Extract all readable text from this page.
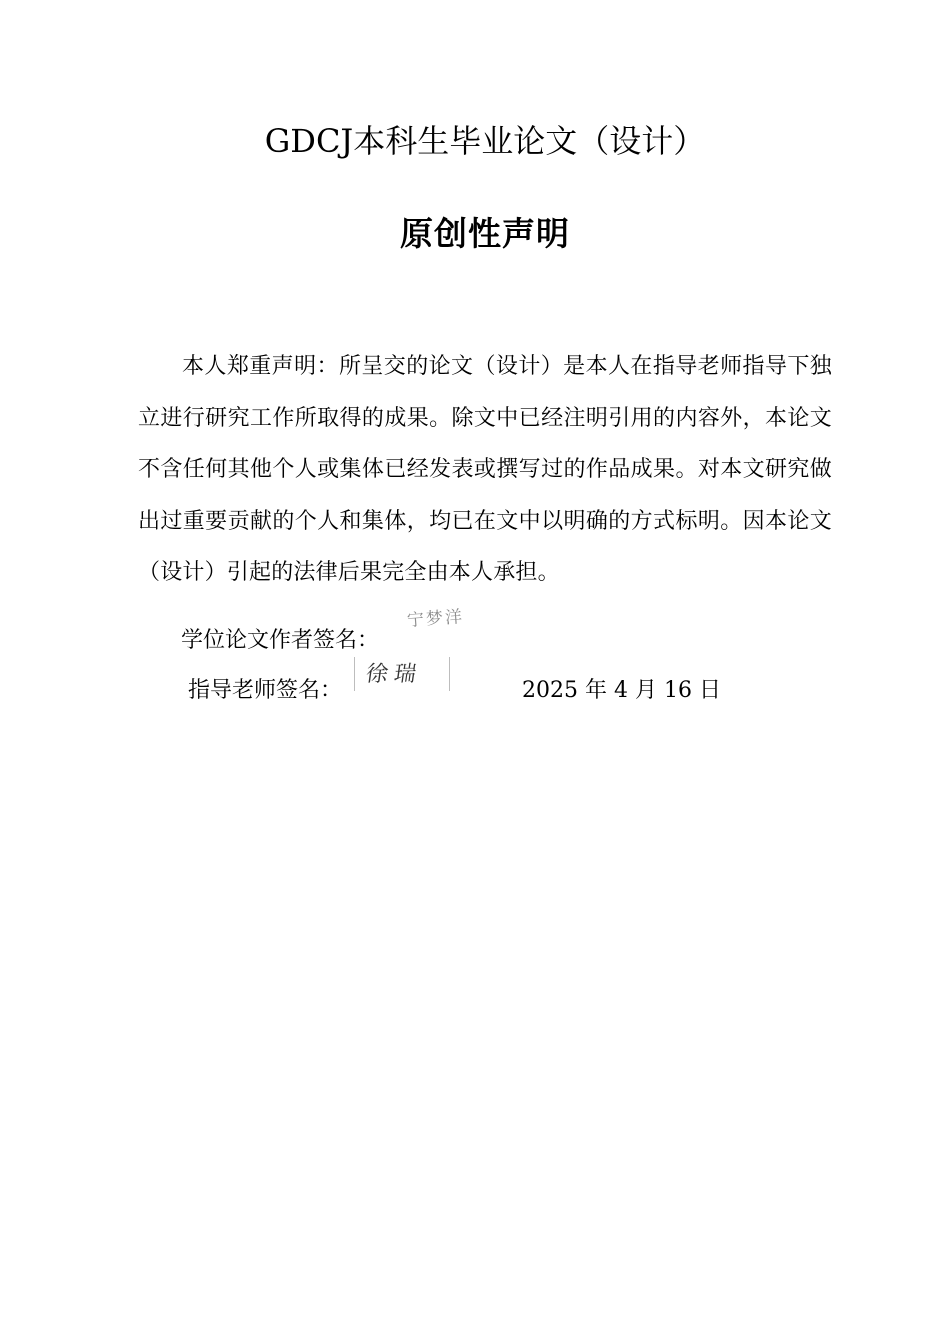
GDCJ本科生毕业论文（设计）
原创性声明

本人郑重声明：所呈交的论文（设计）是本人在指导老师指导下独立进行研究工作所取得的成果。除文中已经注明引用的内容外，本论文不含任何其他个人或集体已经发表或撰写过的作品成果。对本文研究做出过重要贡献的个人和集体，均已在文中以明确的方式标明。因本论文（设计）引起的法律后果完全由本人承担。

学位论文作者签名：
宁梦洋
指导老师签名：
徐瑞
2025 年 4 月 16 日
